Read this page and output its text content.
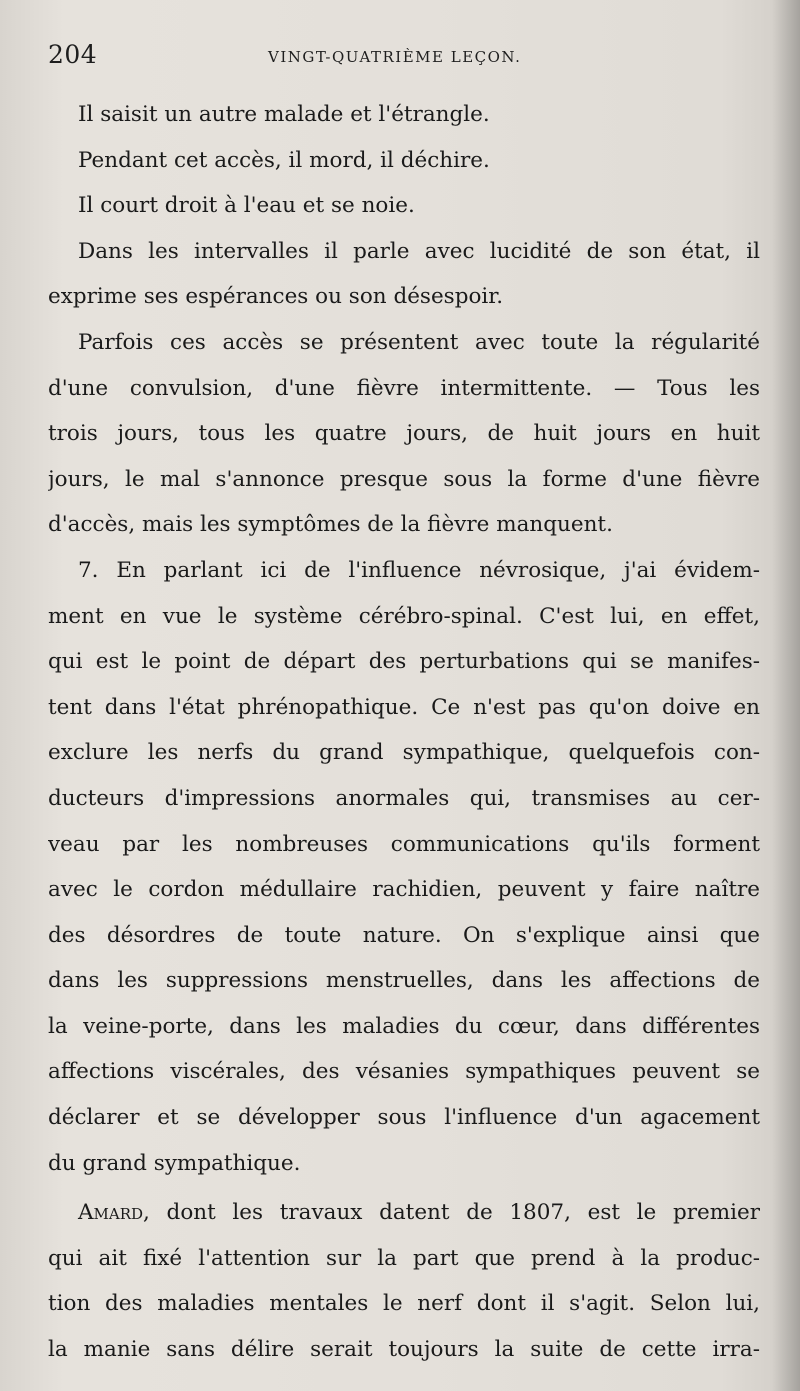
204	VINGT-QUATRIÈME LEÇON.
Il saisit un autre malade et l'étrangle.
Pendant cet accès, il mord, il déchire.
Il court droit à l'eau et se noie.
Dans les intervalles il parle avec lucidité de son état, il
exprime ses espérances ou son désespoir.
Parfois ces accès se présentent avec toute la régularité
d'une convulsion, d'une fièvre intermittente. — Tous les
trois jours, tous les quatre jours, de huit jours en huit
jours, le mal s'annonce presque sous la forme d'une fièvre
d'accès, mais les symptômes de la fièvre manquent.
7. En parlant ici de l'influence névrosique, j'ai évidem-
ment en vue le système cérébro-spinal. C'est lui, en effet,
qui est le point de départ des perturbations qui se manifes-
tent dans l'état phrénopathique. Ce n'est pas qu'on doive en
exclure les nerfs du grand sympathique, quelquefois con-
ducteurs d'impressions anormales qui, transmises au cer-
veau par les nombreuses communications qu'ils forment
avec le cordon médullaire rachidien, peuvent y faire naître
des désordres de toute nature. On s'explique ainsi que
dans les suppressions menstruelles, dans les affections de
la veine-porte, dans les maladies du cœur, dans différentes
affections viscérales, des vésanies sympathiques peuvent se
déclarer et se développer sous l'influence d'un agacement
du grand sympathique.
Amard, dont les travaux datent de 1807, est le premier
qui ait fixé l'attention sur la part que prend à la produc-
tion des maladies mentales le nerf dont il s'agit. Selon lui,
la manie sans délire serait toujours la suite de cette irra-
